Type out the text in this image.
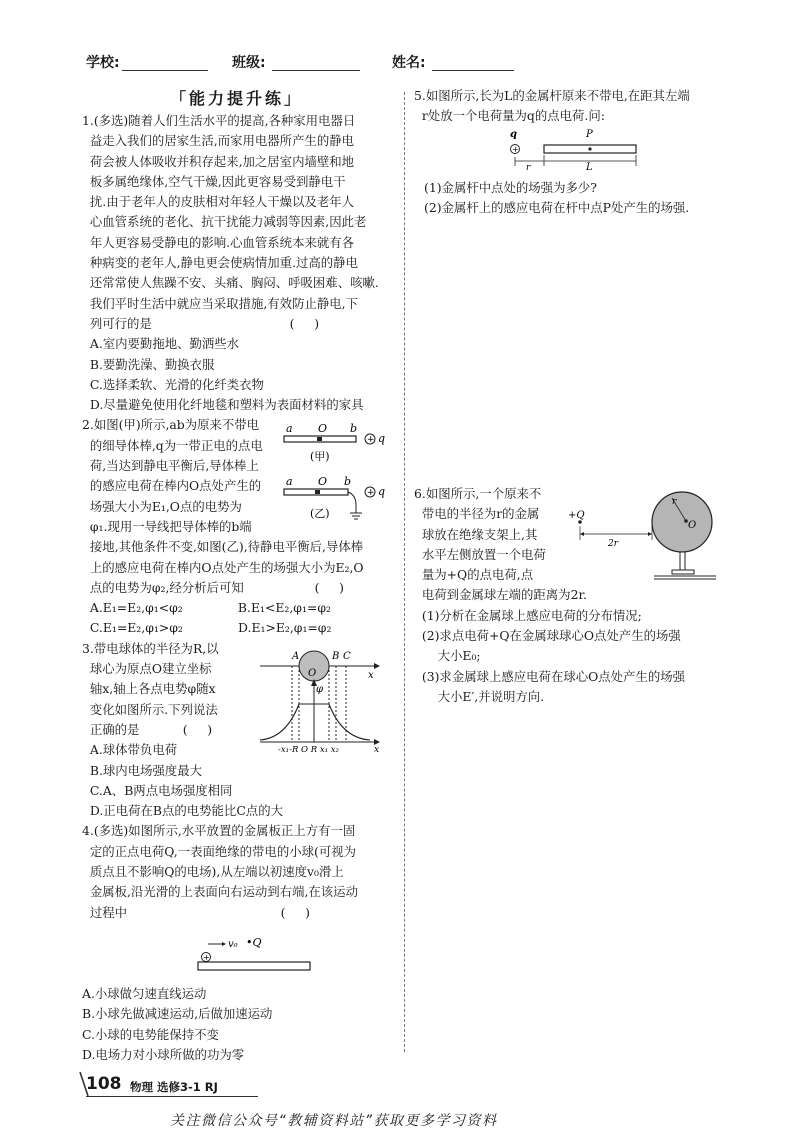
学校:	班级:	姓名:
「能力提升练」
1.(多选)随着人们生活水平的提高,各种家用电器日
益走入我们的居家生活,而家用电器所产生的静电
荷会被人体吸收并积存起来,加之居室内墙壁和地
板多属绝缘体,空气干燥,因此更容易受到静电干
扰.由于老年人的皮肤相对年轻人干燥以及老年人
心血管系统的老化、抗干扰能力减弱等因素,因此老
年人更容易受静电的影响.心血管系统本来就有各
种病变的老年人,静电更会使病情加重.过高的静电
还常常使人焦躁不安、头痛、胸闷、呼吸困难、咳嗽.
我们平时生活中就应当采取措施,有效防止静电,下
列可行的是                                   (     )
A.室内要勤拖地、勤洒些水
B.要勤洗澡、勤换衣服
C.选择柔软、光滑的化纤类衣物
D.尽量避免使用化纤地毯和塑料为表面材料的家具
2.如图(甲)所示,ab为原来不带电
的细导体棒,q为一带正电的点电
荷,当达到静电平衡后,导体棒上
的感应电荷在棒内O点处产生的
场强大小为E₁,O点的电势为
φ₁.现用一导线把导体棒的b端
接地,其他条件不变,如图(乙),待静电平衡后,导体棒
上的感应电荷在棒内O点处产生的场强大小为E₂,O
点的电势为φ₂,经分析后可知                  (     )
A.E₁=E₂,φ₁<φ₂              B.E₁<E₂,φ₁=φ₂
C.E₁=E₂,φ₁>φ₂              D.E₁>E₂,φ₁=φ₂
3.带电球体的半径为R,以
球心为原点O建立坐标
轴x,轴上各点电势φ随x
变化如图所示.下列说法
正确的是           (     )
A.球体带负电荷
B.球内电场强度最大
C.A、B两点电场强度相同
D.正电荷在B点的电势能比C点的大
4.(多选)如图所示,水平放置的金属板正上方有一固
定的正点电荷Q,一表面绝缘的带电的小球(可视为
质点且不影响Q的电场),从左端以初速度v₀滑上
金属板,沿光滑的上表面向右运动到右端,在该运动
过程中                                       (     )
A.小球做匀速直线运动
B.小球先做减速运动,后做加速运动
C.小球的电势能保持不变
D.电场力对小球所做的功为零
5.如图所示,长为L的金属杆原来不带电,在距其左端
r处放一个电荷量为q的点电荷.问:
(1)金属杆中点处的场强为多少?
(2)金属杆上的感应电荷在杆中点P处产生的场强.
6.如图所示,一个原来不
带电的半径为r的金属
球放在绝缘支架上,其
水平左侧放置一个电荷
量为+Q的点电荷,点
电荷到金属球左端的距离为2r.
(1)分析在金属球上感应电荷的分布情况;
(2)求点电荷+Q在金属球球心O点处产生的场强
大小E₀;
(3)求金属球上感应电荷在球心O点处产生的场强
大小E′,并说明方向.
a O b
+ q
(甲)
a O b
+ q
(乙)
x
O
A	B C
φ
x
-x₁-R O R x₁ x₂
v₀ •Q
+
q
+
P
r	L
r
O
+Q
2r
108 物理 选修3-1 RJ
关注微信公众号“教辅资料站”获取更多学习资料
